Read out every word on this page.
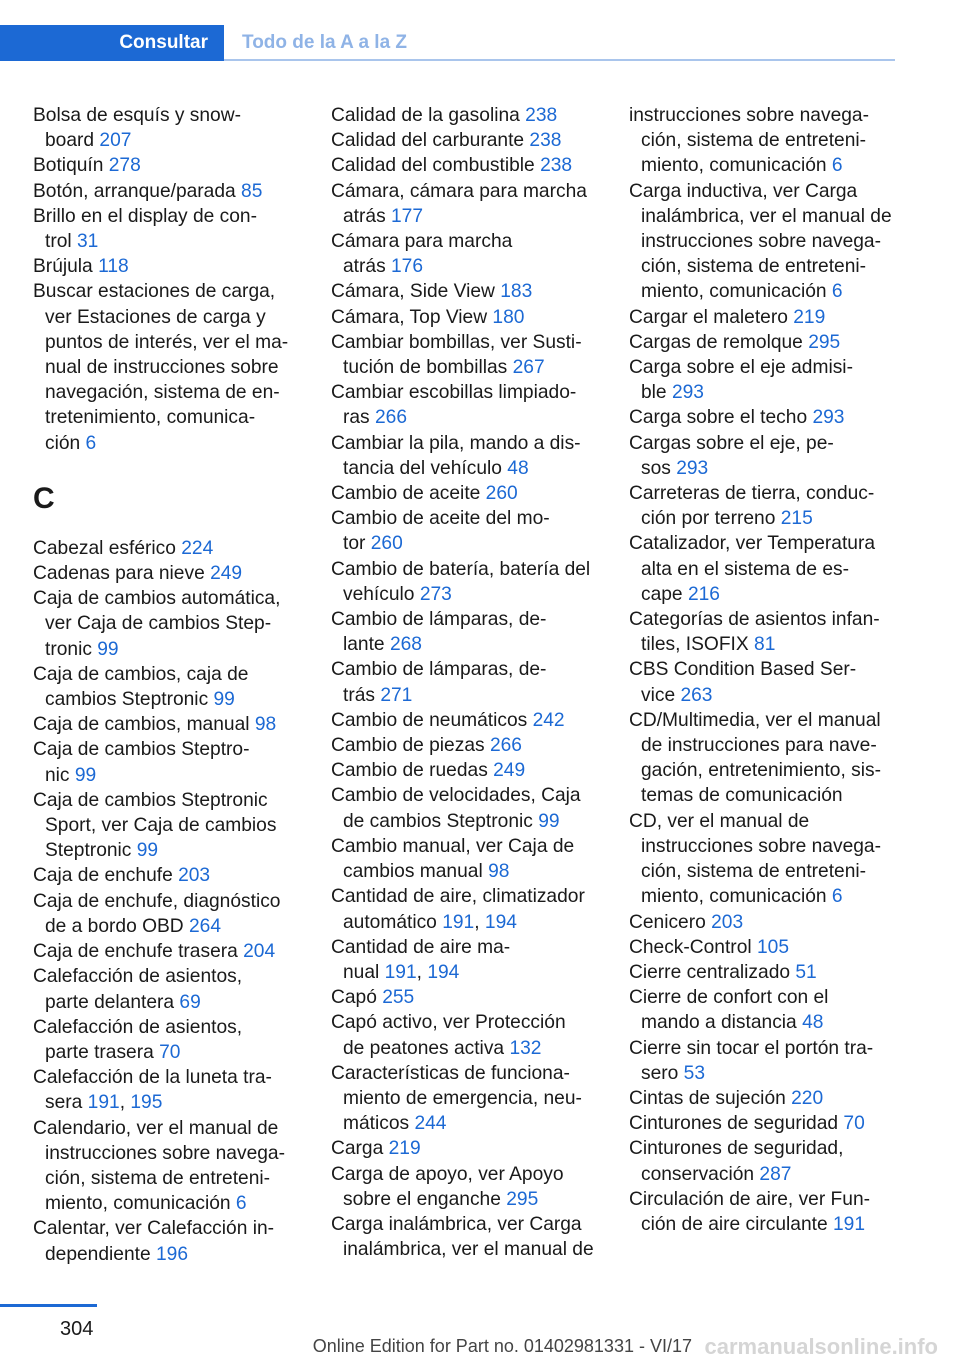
Consultar	Todo de la A a la Z

Bolsa de esquís y snow-
board 207

Botiquín 278

Botón, arranque/parada 85

Brillo en el display de con-
trol 31

Brújula 118

Buscar estaciones de carga,
ver Estaciones de carga y
puntos de interés, ver el ma-
nual de instrucciones sobre
navegación, sistema de en-
tretenimiento, comunica-
ción 6

C

Cabezal esférico 224

Cadenas para nieve 249

Caja de cambios automática,
ver Caja de cambios Step-
tronic 99

Caja de cambios, caja de
cambios Steptronic 99

Caja de cambios, manual 98

Caja de cambios Steptro-
nic 99

Caja de cambios Steptronic
Sport, ver Caja de cambios
Steptronic 99

Caja de enchufe 203

Caja de enchufe, diagnóstico
de a bordo OBD 264

Caja de enchufe trasera 204

Calefacción de asientos,
parte delantera 69

Calefacción de asientos,
parte trasera 70

Calefacción de la luneta tra-
sera 191, 195

Calendario, ver el manual de
instrucciones sobre navega-
ción, sistema de entreteni-
miento, comunicación 6

Calentar, ver Calefacción in-
dependiente 196

Calidad de la gasolina 238

Calidad del carburante 238

Calidad del combustible 238

Cámara, cámara para marcha
atrás 177

Cámara para marcha
atrás 176

Cámara, Side View 183

Cámara, Top View 180

Cambiar bombillas, ver Susti-
tución de bombillas 267

Cambiar escobillas limpiado-
ras 266

Cambiar la pila, mando a dis-
tancia del vehículo 48

Cambio de aceite 260

Cambio de aceite del mo-
tor 260

Cambio de batería, batería del
vehículo 273

Cambio de lámparas, de-
lante 268

Cambio de lámparas, de-
trás 271

Cambio de neumáticos 242

Cambio de piezas 266

Cambio de ruedas 249

Cambio de velocidades, Caja
de cambios Steptronic 99

Cambio manual, ver Caja de
cambios manual 98

Cantidad de aire, climatizador
automático 191, 194

Cantidad de aire ma-
nual 191, 194

Capó 255

Capó activo, ver Protección
de peatones activa 132

Características de funciona-
miento de emergencia, neu-
máticos 244

Carga 219

Carga de apoyo, ver Apoyo
sobre el enganche 295

Carga inalámbrica, ver Carga
inalámbrica, ver el manual de

instrucciones sobre navega-
ción, sistema de entreteni-
miento, comunicación 6

Carga inductiva, ver Carga
inalámbrica, ver el manual de
instrucciones sobre navega-
ción, sistema de entreteni-
miento, comunicación 6

Cargar el maletero 219

Cargas de remolque 295

Carga sobre el eje admisi-
ble 293

Carga sobre el techo 293

Cargas sobre el eje, pe-
sos 293

Carreteras de tierra, conduc-
ción por terreno 215

Catalizador, ver Temperatura
alta en el sistema de es-
cape 216

Categorías de asientos infan-
tiles, ISOFIX 81

CBS Condition Based Ser-
vice 263

CD/Multimedia, ver el manual
de instrucciones para nave-
gación, entretenimiento, sis-
temas de comunicación

CD, ver el manual de
instrucciones sobre navega-
ción, sistema de entreteni-
miento, comunicación 6

Cenicero 203

Check-Control 105

Cierre centralizado 51

Cierre de confort con el
mando a distancia 48

Cierre sin tocar el portón tra-
sero 53

Cintas de sujeción 220

Cinturones de seguridad 70

Cinturones de seguridad,
conservación 287

Circulación de aire, ver Fun-
ción de aire circulante 191

304
Online Edition for Part no. 01402981331 - VI/17 carmanualsonline.info
